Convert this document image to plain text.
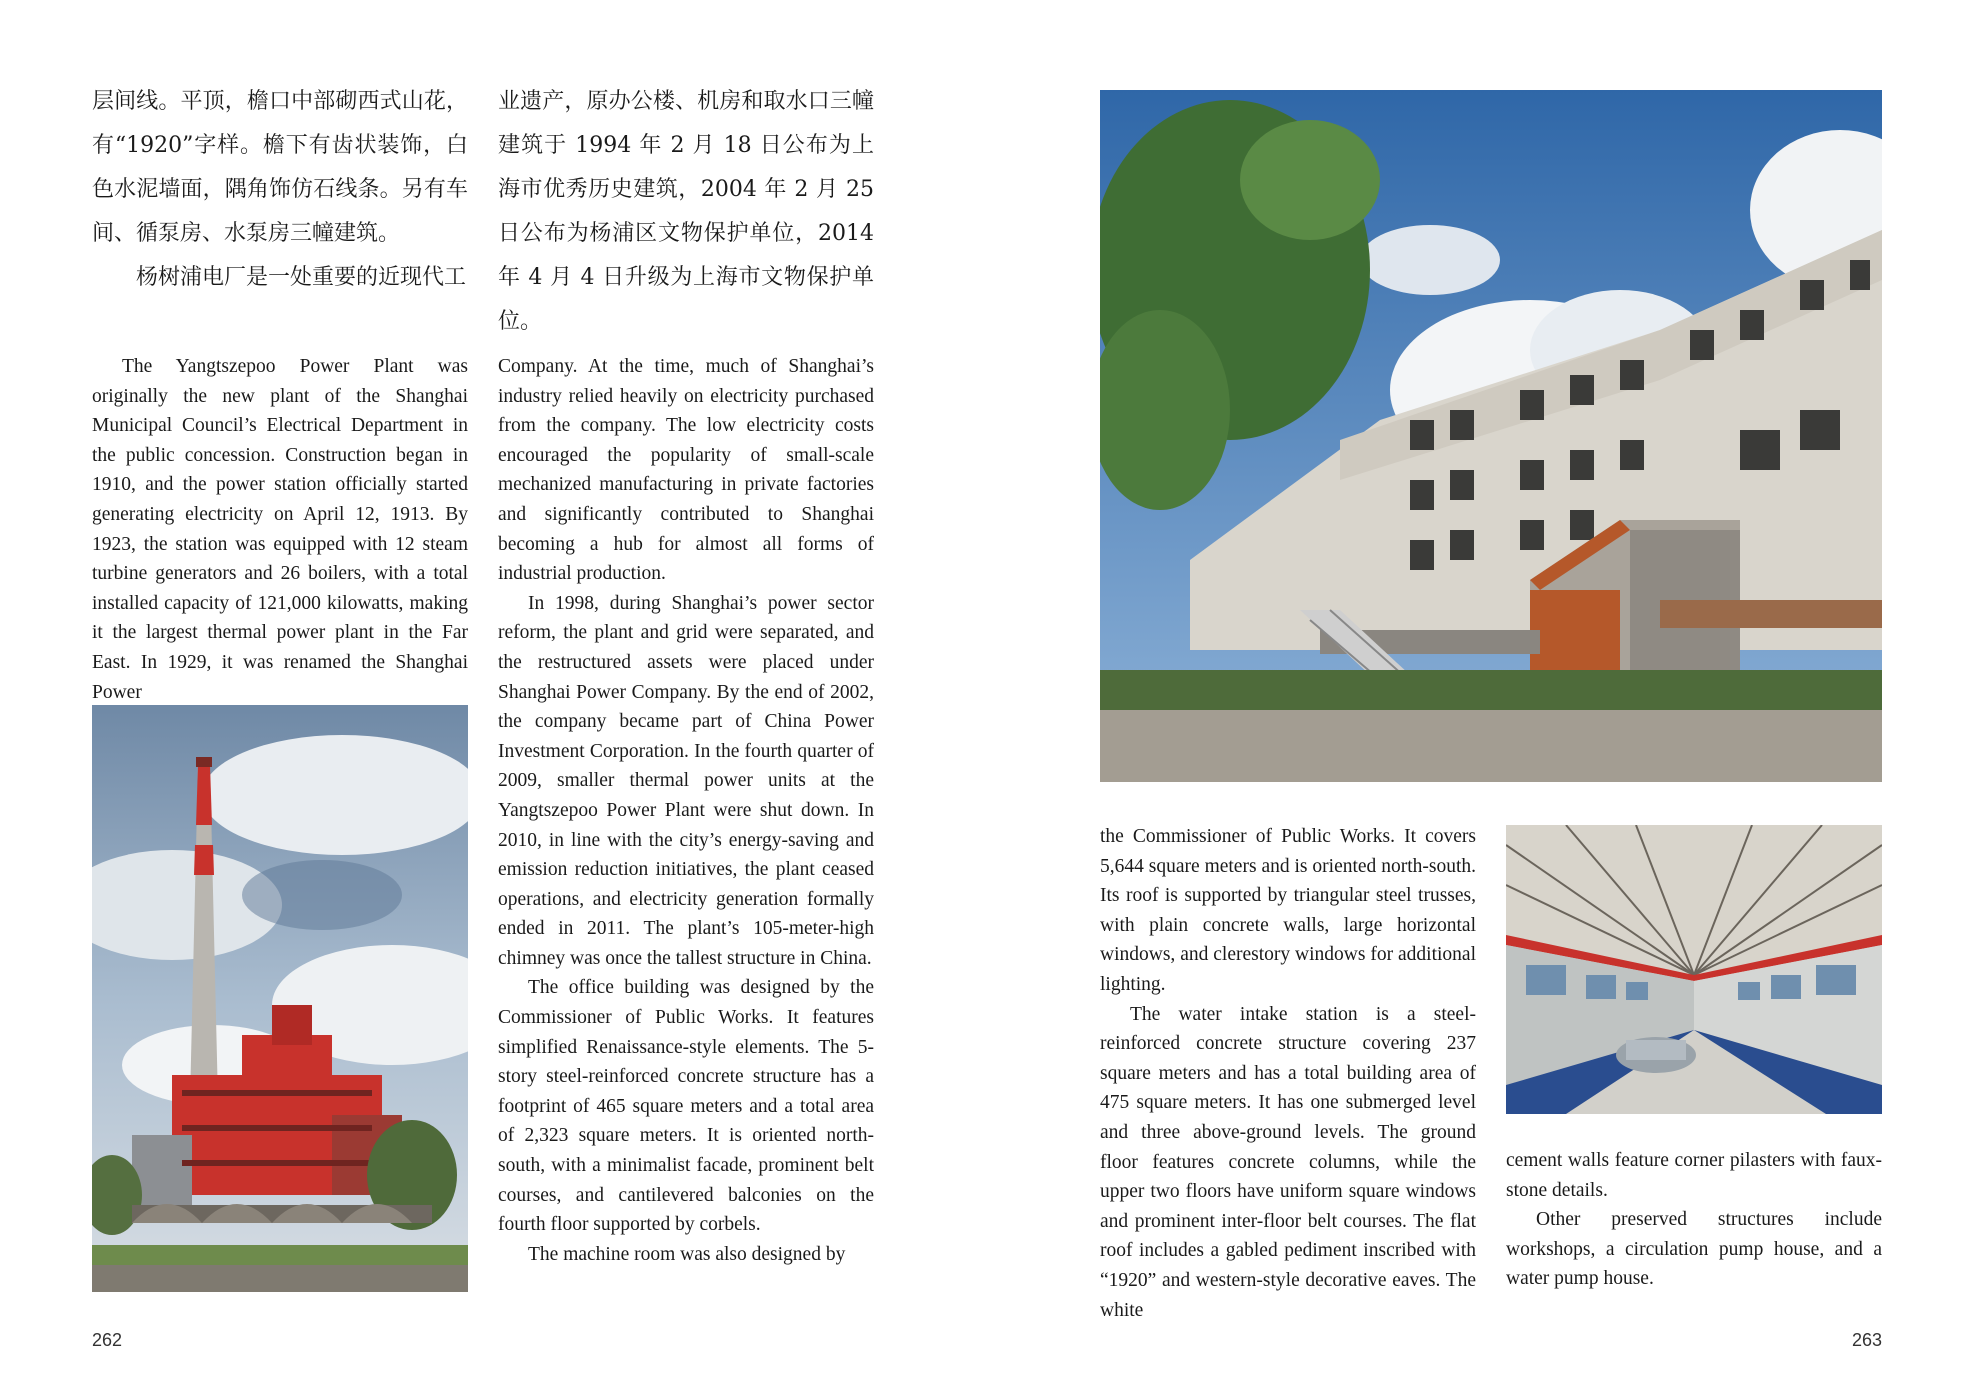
层间线。平顶，檐口中部砌西式山花，有“1920”字样。檐下有齿状装饰，白色水泥墙面，隅角饰仿石线条。另有车间、循泵房、水泵房三幢建筑。

杨树浦电厂是一处重要的近现代工

业遗产，原办公楼、机房和取水口三幢建筑于 1994 年 2 月 18 日公布为上海市优秀历史建筑，2004 年 2 月 25 日公布为杨浦区文物保护单位，2014 年 4 月 4 日升级为上海市文物保护单位。

The Yangtszepoo Power Plant was originally the new plant of the Shanghai Municipal Council’s Electrical Department in the public concession. Construction began in 1910, and the power station officially started generating electricity on April 12, 1913. By 1923, the station was equipped with 12 steam turbine generators and 26 boilers, with a total installed capacity of 121,000 kilowatts, making it the largest thermal power plant in the Far East. In 1929, it was renamed the Shanghai Power

Company. At the time, much of Shanghai’s industry relied heavily on electricity purchased from the company. The low electricity costs encouraged the popularity of small-scale mechanized manufacturing in private factories and significantly contributed to Shanghai becoming a hub for almost all forms of industrial production.

In 1998, during Shanghai’s power sector reform, the plant and grid were separated, and the restructured assets were placed under Shanghai Power Company. By the end of 2002, the company became part of China Power Investment Corporation. In the fourth quarter of 2009, smaller thermal power units at the Yangtszepoo Power Plant were shut down. In 2010, in line with the city’s energy-saving and emission reduction initiatives, the plant ceased operations, and electricity generation formally ended in 2011. The plant’s 105-meter-high chimney was once the tallest structure in China.

The office building was designed by the Commissioner of Public Works. It features simplified Renaissance-style elements. The 5-story steel-reinforced concrete structure has a footprint of 465 square meters and a total area of 2,323 square meters. It is oriented north-south, with a minimalist facade, prominent belt courses, and cantilevered balconies on the fourth floor supported by corbels.

The machine room was also designed by

262

the Commissioner of Public Works. It covers 5,644 square meters and is oriented north-south. Its roof is supported by triangular steel trusses, with plain concrete walls, large horizontal windows, and clerestory windows for additional lighting.

The water intake station is a steel-reinforced concrete structure covering 237 square meters and has a total building area of 475 square meters. It has one submerged level and three above-ground levels. The ground floor features concrete columns, while the upper two floors have uniform square windows and prominent inter-floor belt courses. The flat roof includes a gabled pediment inscribed with “1920” and western-style decorative eaves. The white

cement walls feature corner pilasters with faux-stone details.

Other preserved structures include workshops, a circulation pump house, and a water pump house.

263
